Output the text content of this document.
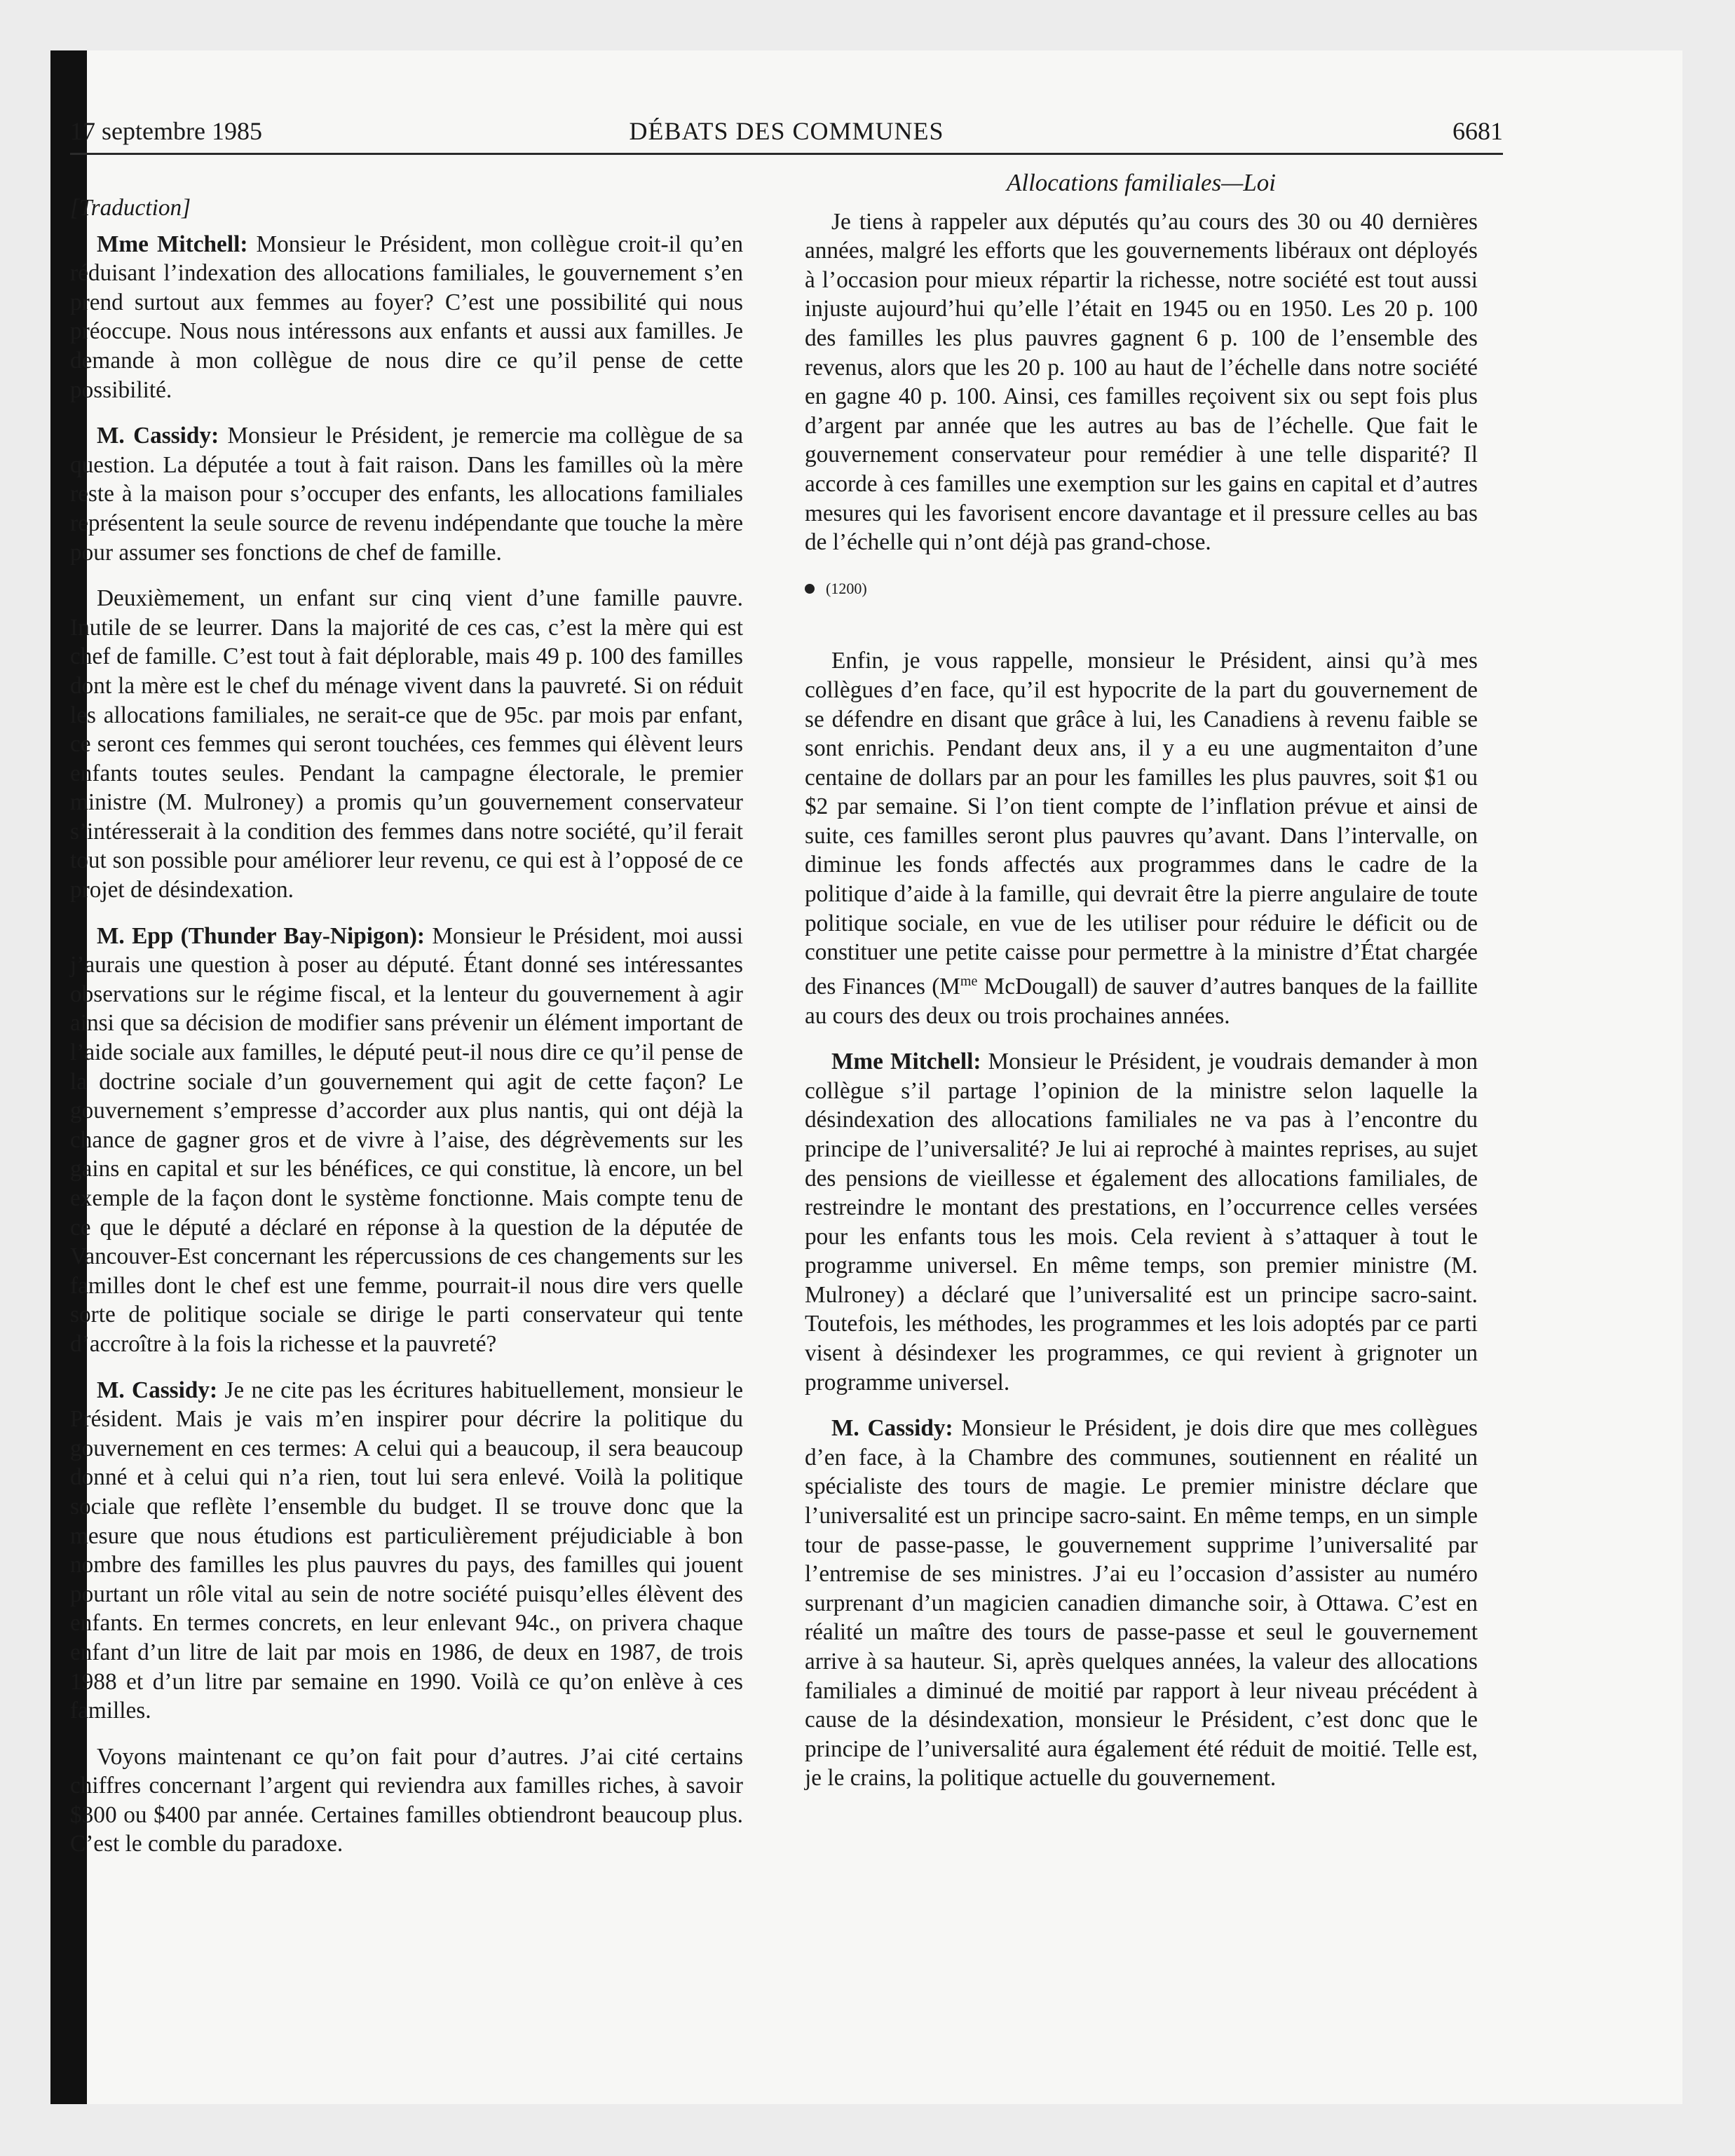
17 septembre 1985	DÉBATS DES COMMUNES	6681

[Traduction]

Mme Mitchell: Monsieur le Président, mon collègue croit-il qu’en réduisant l’indexation des allocations familiales, le gouvernement s’en prend surtout aux femmes au foyer? C’est une possibilité qui nous préoccupe. Nous nous intéressons aux enfants et aussi aux familles. Je demande à mon collègue de nous dire ce qu’il pense de cette possibilité.

M. Cassidy: Monsieur le Président, je remercie ma collègue de sa question. La députée a tout à fait raison. Dans les familles où la mère reste à la maison pour s’occuper des enfants, les allocations familiales représentent la seule source de revenu indépendante que touche la mère pour assumer ses fonctions de chef de famille.

Deuxièmement, un enfant sur cinq vient d’une famille pauvre. Inutile de se leurrer. Dans la majorité de ces cas, c’est la mère qui est chef de famille. C’est tout à fait déplorable, mais 49 p. 100 des familles dont la mère est le chef du ménage vivent dans la pauvreté. Si on réduit les allocations familiales, ne serait-ce que de 95c. par mois par enfant, ce seront ces femmes qui seront touchées, ces femmes qui élèvent leurs enfants toutes seules. Pendant la campagne électorale, le premier ministre (M. Mulroney) a promis qu’un gouvernement conservateur s’intéresserait à la condition des femmes dans notre société, qu’il ferait tout son possible pour améliorer leur revenu, ce qui est à l’opposé de ce projet de désindexation.

M. Epp (Thunder Bay-Nipigon): Monsieur le Président, moi aussi j’aurais une question à poser au député. Étant donné ses intéressantes observations sur le régime fiscal, et la lenteur du gouvernement à agir ainsi que sa décision de modifier sans prévenir un élément important de l’aide sociale aux familles, le député peut-il nous dire ce qu’il pense de la doctrine sociale d’un gouvernement qui agit de cette façon? Le gouvernement s’empresse d’accorder aux plus nantis, qui ont déjà la chance de gagner gros et de vivre à l’aise, des dégrèvements sur les gains en capital et sur les bénéfices, ce qui constitue, là encore, un bel exemple de la façon dont le système fonctionne. Mais compte tenu de ce que le député a déclaré en réponse à la question de la députée de Vancouver-Est concernant les répercussions de ces changements sur les familles dont le chef est une femme, pourrait-il nous dire vers quelle sorte de politique sociale se dirige le parti conservateur qui tente d’accroître à la fois la richesse et la pauvreté?

M. Cassidy: Je ne cite pas les écritures habituellement, monsieur le Président. Mais je vais m’en inspirer pour décrire la politique du gouvernement en ces termes: A celui qui a beaucoup, il sera beaucoup donné et à celui qui n’a rien, tout lui sera enlevé. Voilà la politique sociale que reflète l’ensemble du budget. Il se trouve donc que la mesure que nous étudions est particulièrement préjudiciable à bon nombre des familles les plus pauvres du pays, des familles qui jouent pourtant un rôle vital au sein de notre société puisqu’elles élèvent des enfants. En termes concrets, en leur enlevant 94c., on privera chaque enfant d’un litre de lait par mois en 1986, de deux en 1987, de trois 1988 et d’un litre par semaine en 1990. Voilà ce qu’on enlève à ces familles.

Voyons maintenant ce qu’on fait pour d’autres. J’ai cité certains chiffres concernant l’argent qui reviendra aux familles riches, à savoir $300 ou $400 par année. Certaines familles obtiendront beaucoup plus. C’est le comble du paradoxe.

Allocations familiales—Loi

Je tiens à rappeler aux députés qu’au cours des 30 ou 40 dernières années, malgré les efforts que les gouvernements libéraux ont déployés à l’occasion pour mieux répartir la richesse, notre société est tout aussi injuste aujourd’hui qu’elle l’était en 1945 ou en 1950. Les 20 p. 100 des familles les plus pauvres gagnent 6 p. 100 de l’ensemble des revenus, alors que les 20 p. 100 au haut de l’échelle dans notre société en gagne 40 p. 100. Ainsi, ces familles reçoivent six ou sept fois plus d’argent par année que les autres au bas de l’échelle. Que fait le gouvernement conservateur pour remédier à une telle disparité? Il accorde à ces familles une exemption sur les gains en capital et d’autres mesures qui les favorisent encore davantage et il pressure celles au bas de l’échelle qui n’ont déjà pas grand-chose.

(1200)

Enfin, je vous rappelle, monsieur le Président, ainsi qu’à mes collègues d’en face, qu’il est hypocrite de la part du gouvernement de se défendre en disant que grâce à lui, les Canadiens à revenu faible se sont enrichis. Pendant deux ans, il y a eu une augmentaiton d’une centaine de dollars par an pour les familles les plus pauvres, soit $1 ou $2 par semaine. Si l’on tient compte de l’inflation prévue et ainsi de suite, ces familles seront plus pauvres qu’avant. Dans l’intervalle, on diminue les fonds affectés aux programmes dans le cadre de la politique d’aide à la famille, qui devrait être la pierre angulaire de toute politique sociale, en vue de les utiliser pour réduire le déficit ou de constituer une petite caisse pour permettre à la ministre d’État chargée des Finances ($M^{me}$ McDougall) de sauver d’autres banques de la faillite au cours des deux ou trois prochaines années.

Mme Mitchell: Monsieur le Président, je voudrais demander à mon collègue s’il partage l’opinion de la ministre selon laquelle la désindexation des allocations familiales ne va pas à l’encontre du principe de l’universalité? Je lui ai reproché à maintes reprises, au sujet des pensions de vieillesse et également des allocations familiales, de restreindre le montant des prestations, en l’occurrence celles versées pour les enfants tous les mois. Cela revient à s’attaquer à tout le programme universel. En même temps, son premier ministre (M. Mulroney) a déclaré que l’universalité est un principe sacro-saint. Toutefois, les méthodes, les programmes et les lois adoptés par ce parti visent à désindexer les programmes, ce qui revient à grignoter un programme universel.

M. Cassidy: Monsieur le Président, je dois dire que mes collègues d’en face, à la Chambre des communes, soutiennent en réalité un spécialiste des tours de magie. Le premier ministre déclare que l’universalité est un principe sacro-saint. En même temps, en un simple tour de passe-passe, le gouvernement supprime l’universalité par l’entremise de ses ministres. J’ai eu l’occasion d’assister au numéro surprenant d’un magicien canadien dimanche soir, à Ottawa. C’est en réalité un maître des tours de passe-passe et seul le gouvernement arrive à sa hauteur. Si, après quelques années, la valeur des allocations familiales a diminué de moitié par rapport à leur niveau précédent à cause de la désindexation, monsieur le Président, c’est donc que le principe de l’universalité aura également été réduit de moitié. Telle est, je le crains, la politique actuelle du gouvernement.
